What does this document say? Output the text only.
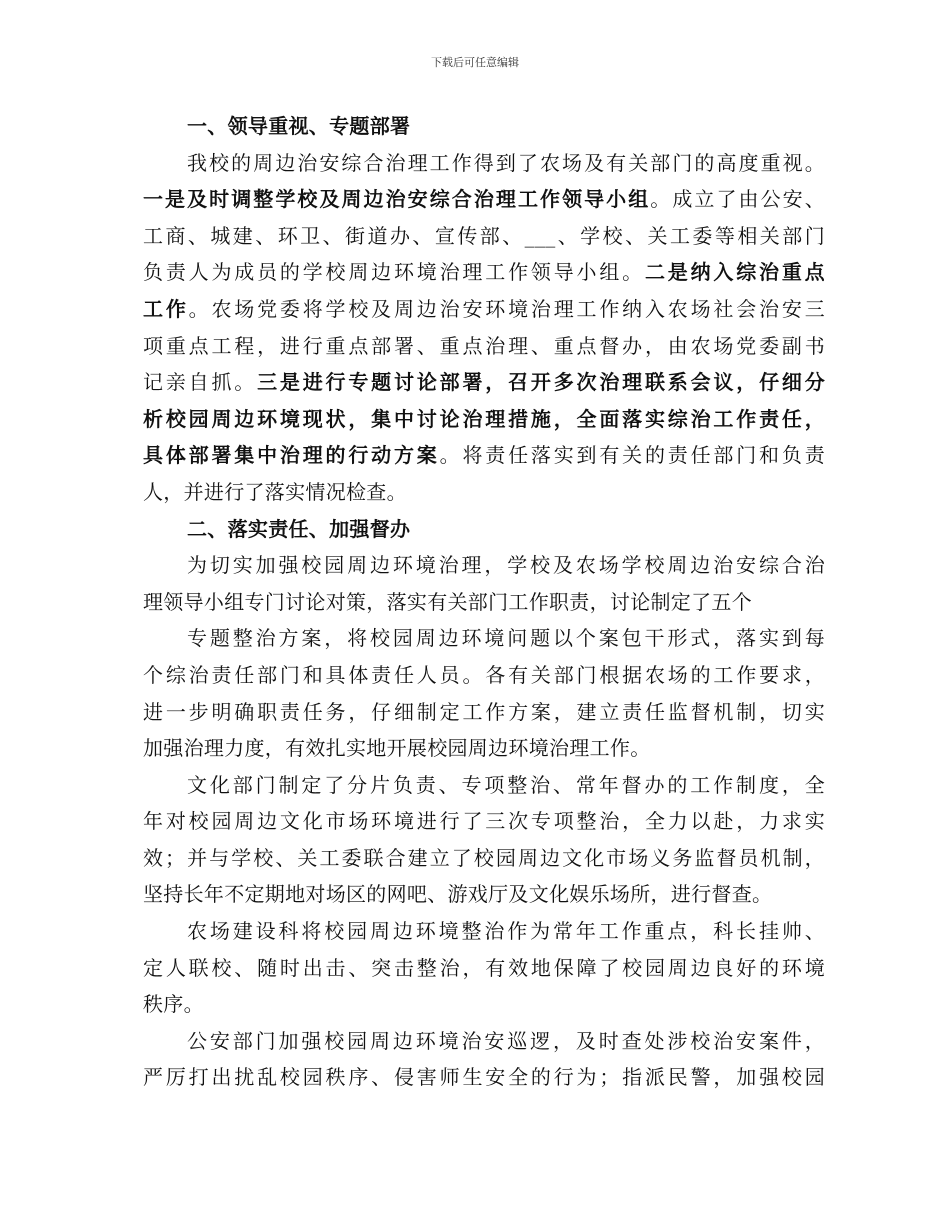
下载后可任意编辑
一、领导重视、专题部署
我校的周边治安综合治理工作得到了农场及有关部门的高度重视。
一是及时调整学校及周边治安综合治理工作领导小组。成立了由公安、
工商、城建、环卫、街道办、宣传部、___、学校、关工委等相关部门
负责人为成员的学校周边环境治理工作领导小组。二是纳入综治重点
工作。农场党委将学校及周边治安环境治理工作纳入农场社会治安三
项重点工程，进行重点部署、重点治理、重点督办，由农场党委副书
记亲自抓。三是进行专题讨论部署，召开多次治理联系会议，仔细分
析校园周边环境现状，集中讨论治理措施，全面落实综治工作责任，
具体部署集中治理的行动方案。将责任落实到有关的责任部门和负责
人，并进行了落实情况检查。
二、落实责任、加强督办
为切实加强校园周边环境治理，学校及农场学校周边治安综合治
理领导小组专门讨论对策，落实有关部门工作职责，讨论制定了五个
专题整治方案，将校园周边环境问题以个案包干形式，落实到每
个综治责任部门和具体责任人员。各有关部门根据农场的工作要求，
进一步明确职责任务，仔细制定工作方案，建立责任监督机制，切实
加强治理力度，有效扎实地开展校园周边环境治理工作。
文化部门制定了分片负责、专项整治、常年督办的工作制度，全
年对校园周边文化市场环境进行了三次专项整治，全力以赴，力求实
效；并与学校、关工委联合建立了校园周边文化市场义务监督员机制，
坚持长年不定期地对场区的网吧、游戏厅及文化娱乐场所，进行督查。
农场建设科将校园周边环境整治作为常年工作重点，科长挂帅、
定人联校、随时出击、突击整治，有效地保障了校园周边良好的环境
秩序。
公安部门加强校园周边环境治安巡逻，及时查处涉校治安案件，
严厉打出扰乱校园秩序、侵害师生安全的行为；指派民警，加强校园
